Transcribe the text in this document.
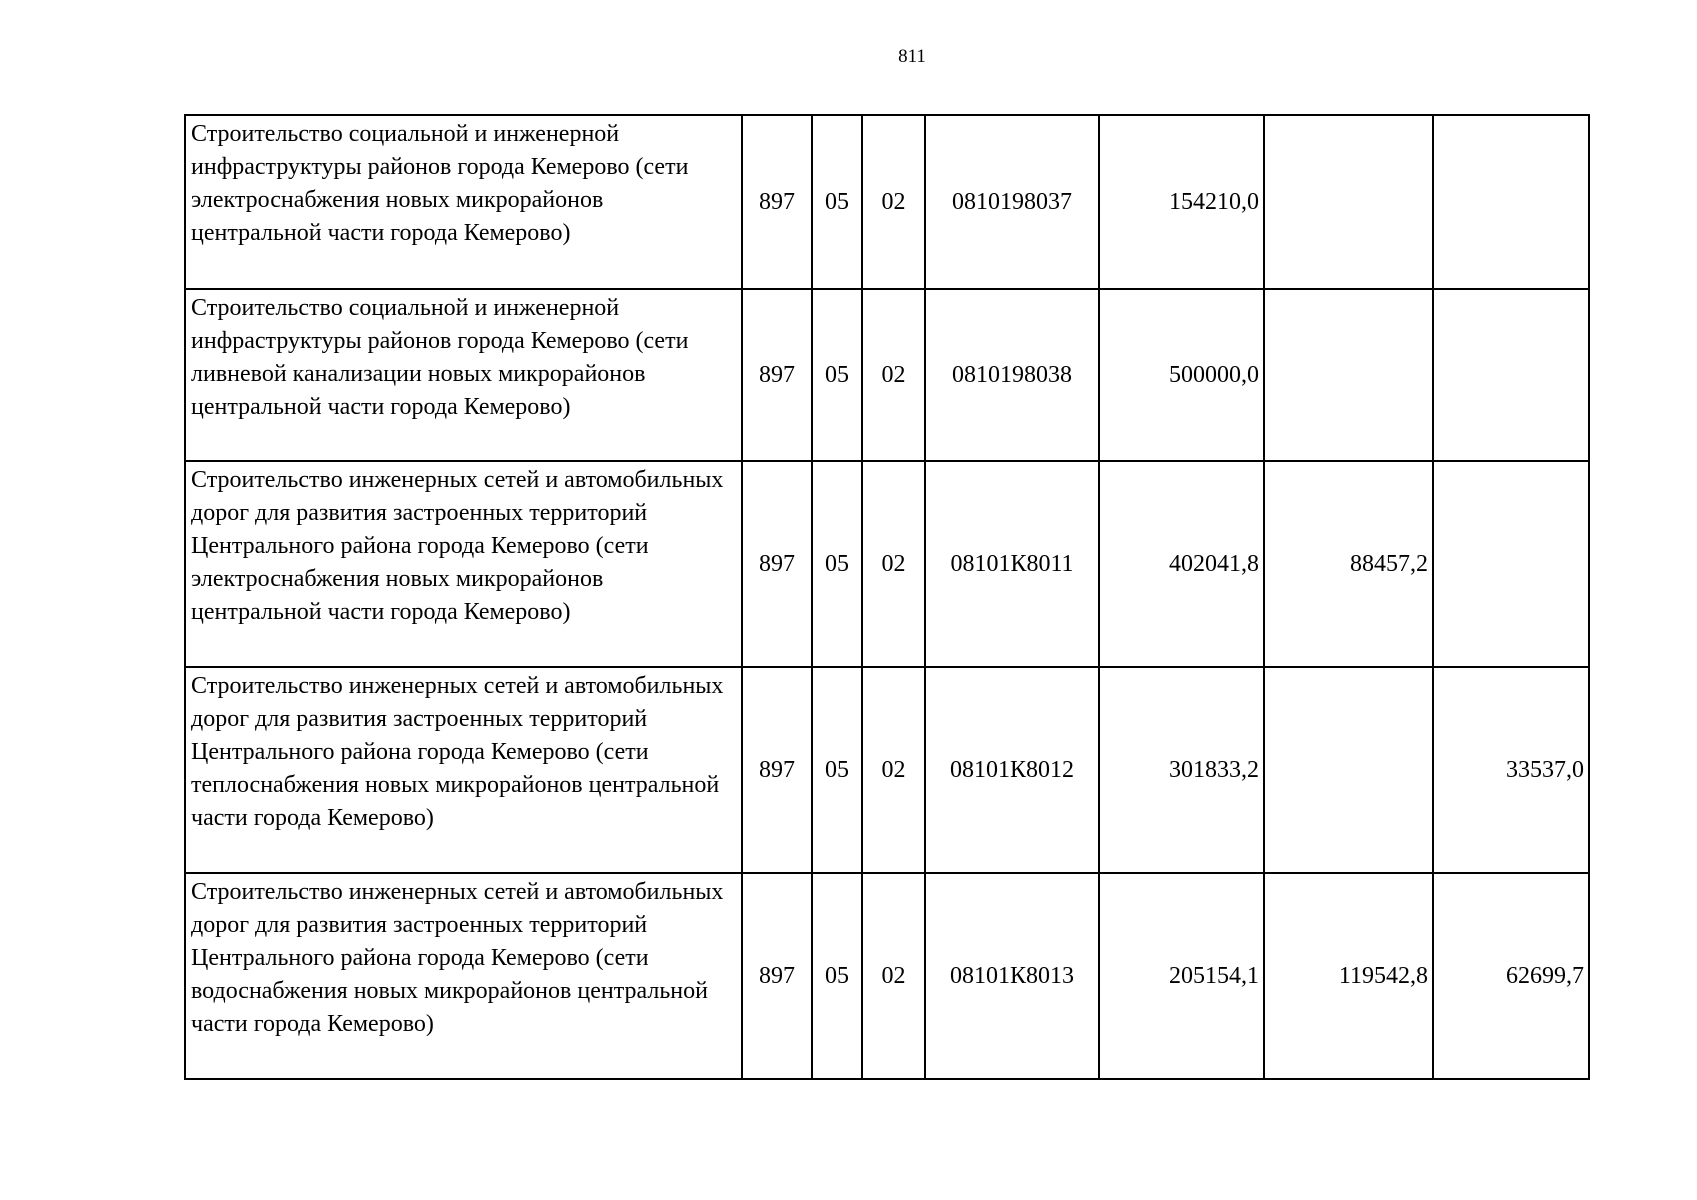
811
Строительство социальной и инженерной инфраструктуры районов города Кемерово (сети электроснабжения новых микрорайонов центральной части города Кемерово)	897	05	02	0810198037	154210,0		
Строительство социальной и инженерной инфраструктуры районов города Кемерово (сети ливневой канализации новых микрорайонов центральной части города Кемерово)	897	05	02	0810198038	500000,0		
Строительство инженерных сетей и автомобильных дорог для развития застроенных территорий Центрального района города Кемерово (сети электроснабжения новых микрорайонов центральной части города Кемерово)	897	05	02	08101К8011	402041,8	88457,2	
Строительство инженерных сетей и автомобильных дорог для развития застроенных территорий Центрального района города Кемерово (сети теплоснабжения новых микрорайонов центральной части города Кемерово)	897	05	02	08101К8012	301833,2		33537,0
Строительство инженерных сетей и автомобильных дорог для развития застроенных территорий Центрального района города Кемерово (сети водоснабжения новых микрорайонов центральной части города Кемерово)	897	05	02	08101К8013	205154,1	119542,8	62699,7
